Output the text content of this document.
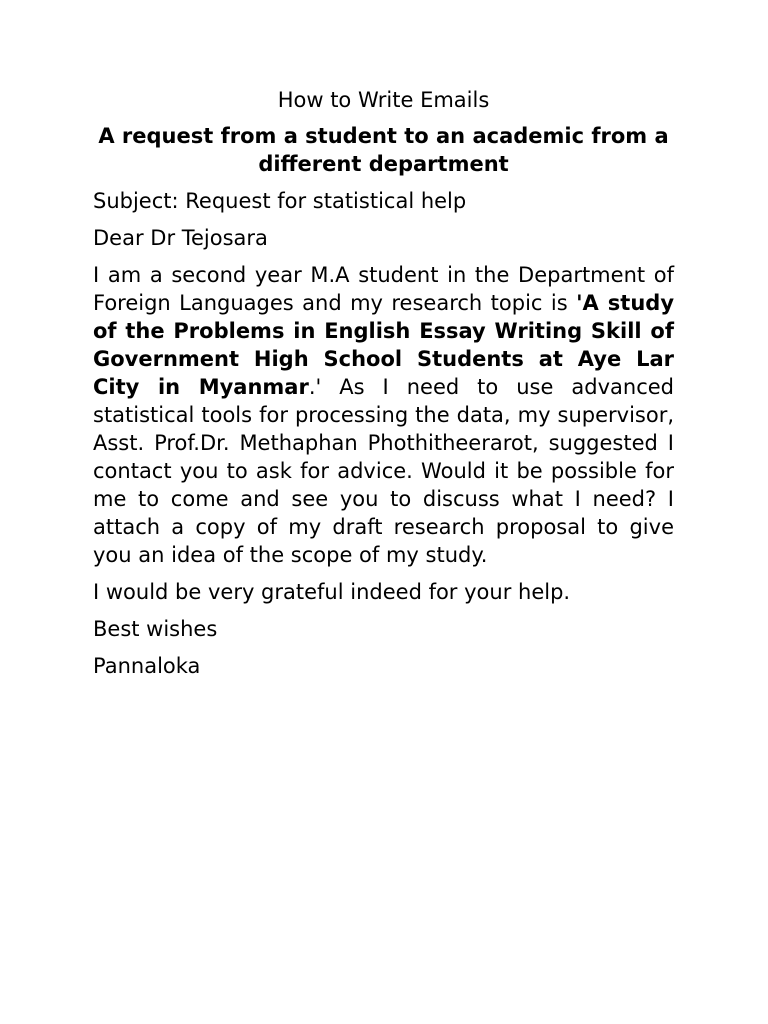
How to Write Emails
A request from a student to an academic from a different department

Subject: Request for statistical help

Dear Dr Tejosara

I am a second year M.A student in the Department of Foreign Languages and my research topic is 'A study of the Problems in English Essay Writing Skill of Government High School Students at Aye Lar City in Myanmar.' As I need to use advanced statistical tools for processing the data, my supervisor, Asst. Prof.Dr. Methaphan Phothitheerarot, suggested I contact you to ask for advice. Would it be possible for me to come and see you to discuss what I need? I attach a copy of my draft research proposal to give you an idea of the scope of my study.

I would be very grateful indeed for your help.

Best wishes

Pannaloka
